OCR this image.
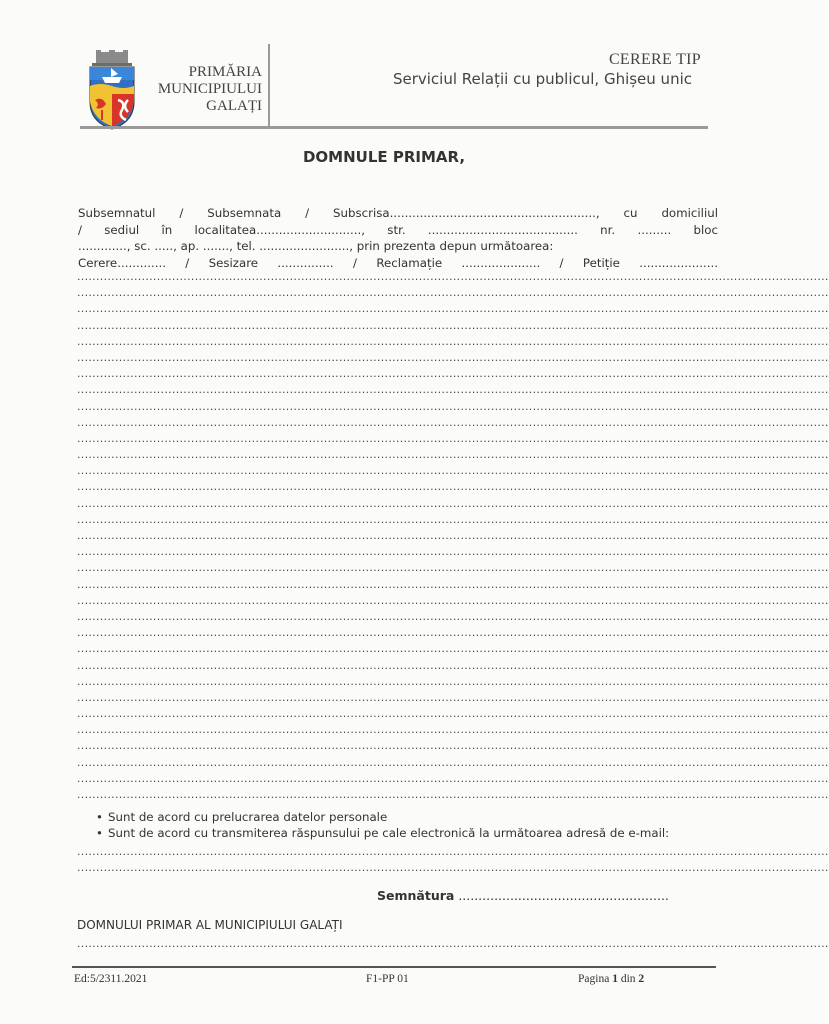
PRIMĂRIA
MUNICIPIULUI
GALAȚI
CERERE TIP
Serviciul Relații cu publicul, Ghișeu unic
DOMNULE PRIMAR,
Subsemnatul / Subsemnata / Subscrisa......................................................., cu domiciliul
/ sediul în localitatea............................, str. ........................................ nr. ......... bloc
............., sc. ....., ap. ......., tel. ........................, prin prezenta depun următoarea:
Cerere............. / Sesizare ............... / Reclamație ..................... / Petiție .....................
......................................................................................................................................................................................................
......................................................................................................................................................................................................
......................................................................................................................................................................................................
......................................................................................................................................................................................................
......................................................................................................................................................................................................
......................................................................................................................................................................................................
......................................................................................................................................................................................................
......................................................................................................................................................................................................
......................................................................................................................................................................................................
......................................................................................................................................................................................................
......................................................................................................................................................................................................
......................................................................................................................................................................................................
......................................................................................................................................................................................................
......................................................................................................................................................................................................
......................................................................................................................................................................................................
......................................................................................................................................................................................................
......................................................................................................................................................................................................
......................................................................................................................................................................................................
......................................................................................................................................................................................................
......................................................................................................................................................................................................
......................................................................................................................................................................................................
......................................................................................................................................................................................................
......................................................................................................................................................................................................
......................................................................................................................................................................................................
......................................................................................................................................................................................................
......................................................................................................................................................................................................
......................................................................................................................................................................................................
......................................................................................................................................................................................................
......................................................................................................................................................................................................
......................................................................................................................................................................................................
......................................................................................................................................................................................................
......................................................................................................................................................................................................
......................................................................................................................................................................................................
• Sunt de acord cu prelucrarea datelor personale
• Sunt de acord cu transmiterea răspunsului pe cale electronică la următoarea adresă de e-mail:
......................................................................................................................................................................................................
......................................................................................................................................................................................................
Semnătura .....................................................
DOMNULUI PRIMAR AL MUNICIPIULUI GALAȚI
......................................................................................................................................................................................................
Ed:5/2311.2021	F1-PP 01	Pagina 1 din 2
